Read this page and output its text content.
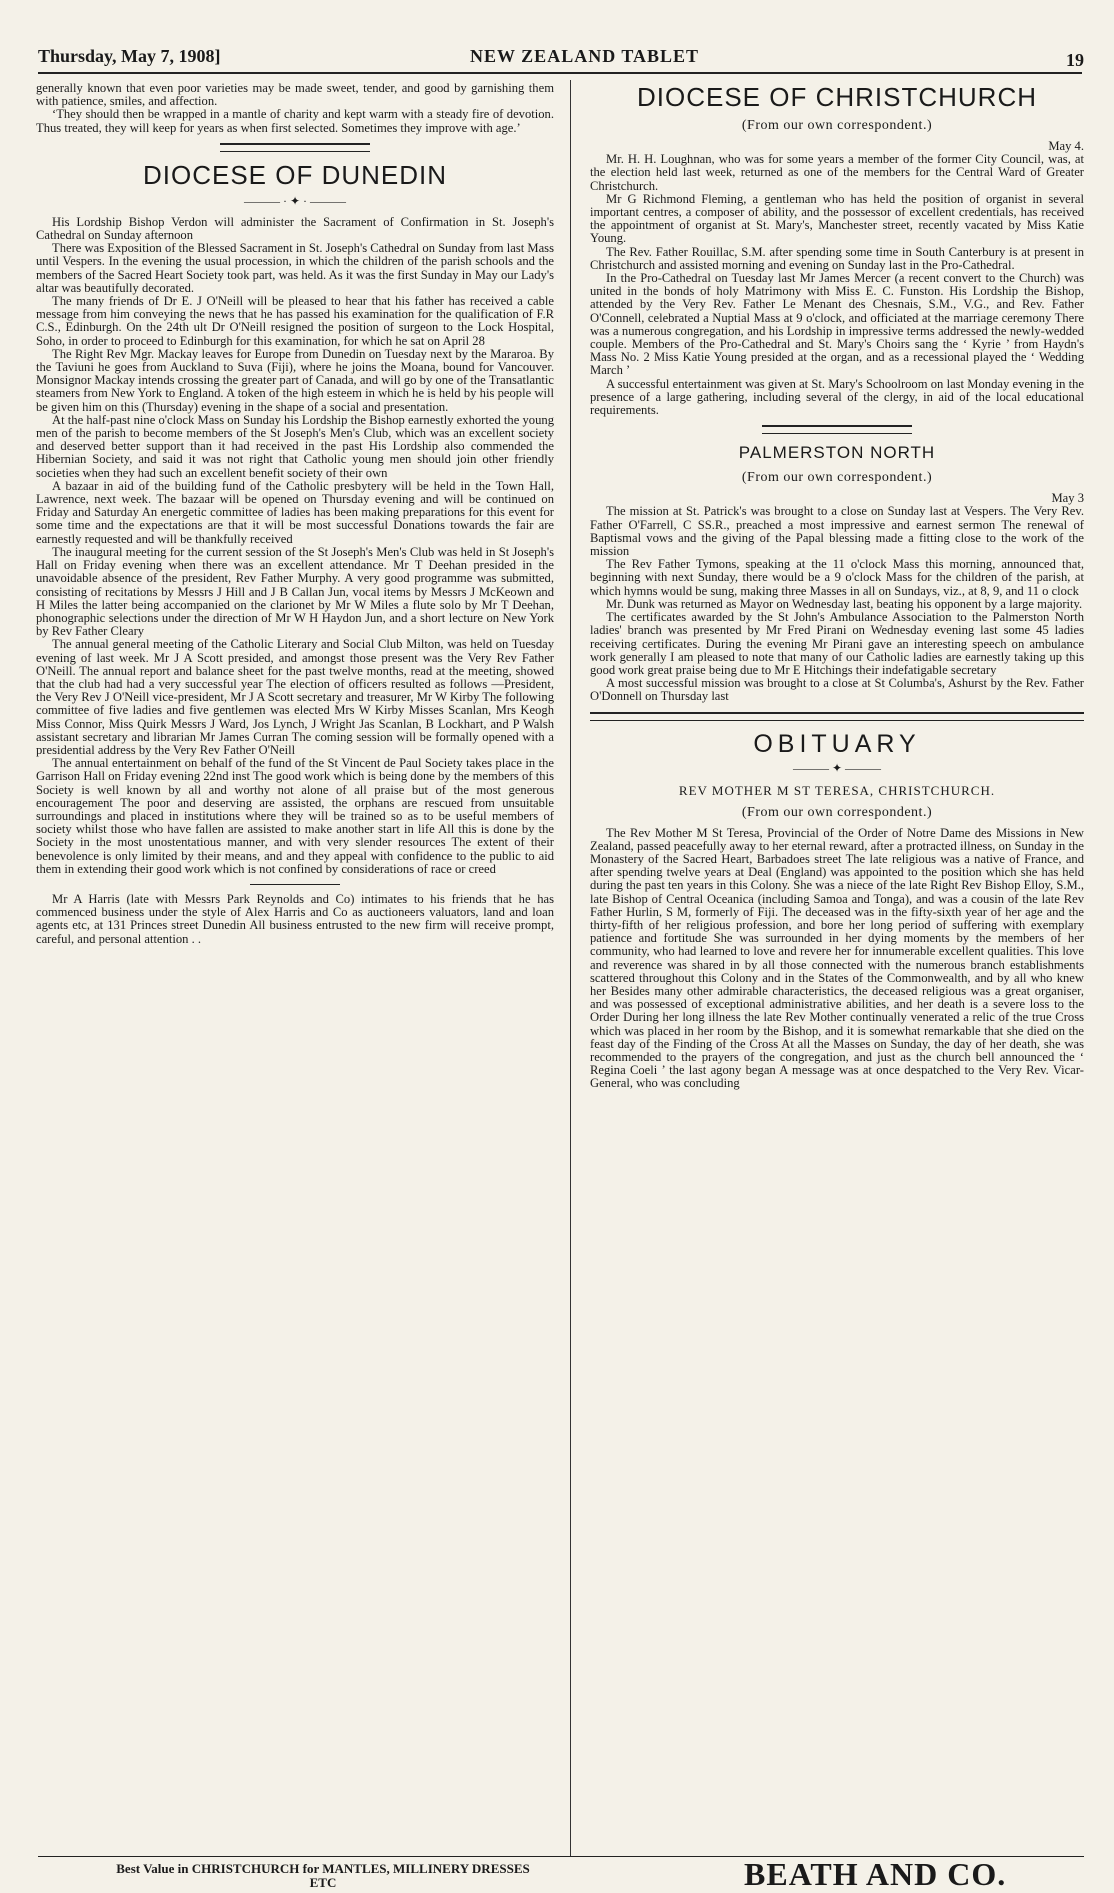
Thursday, May 7, 1908]	NEW ZEALAND TABLET	19

generally known that even poor varieties may be made sweet, tender, and good by garnishing them with patience, smiles, and affection.

‘They should then be wrapped in a mantle of charity and kept warm with a steady fire of devotion. Thus treated, they will keep for years as when first selected. Sometimes they improve with age.’

DIOCESE OF DUNEDIN
——— · ✦ · ———

His Lordship Bishop Verdon will administer the Sacrament of Confirmation in St. Joseph's Cathedral on Sunday afternoon

There was Exposition of the Blessed Sacrament in St. Joseph's Cathedral on Sunday from last Mass until Vespers. In the evening the usual procession, in which the children of the parish schools and the members of the Sacred Heart Society took part, was held. As it was the first Sunday in May our Lady's altar was beautifully decorated.

The many friends of Dr E. J O'Neill will be pleased to hear that his father has received a cable message from him conveying the news that he has passed his examination for the qualification of F.R C.S., Edinburgh. On the 24th ult Dr O'Neill resigned the position of surgeon to the Lock Hospital, Soho, in order to proceed to Edinburgh for this examination, for which he sat on April 28

The Right Rev Mgr. Mackay leaves for Europe from Dunedin on Tuesday next by the Mararoa. By the Taviuni he goes from Auckland to Suva (Fiji), where he joins the Moana, bound for Vancouver. Monsignor Mackay intends crossing the greater part of Canada, and will go by one of the Transatlantic steamers from New York to England. A token of the high esteem in which he is held by his people will be given him on this (Thursday) evening in the shape of a social and presentation.

At the half-past nine o'clock Mass on Sunday his Lordship the Bishop earnestly exhorted the young men of the parish to become members of the St Joseph's Men's Club, which was an excellent society and deserved better support than it had received in the past His Lordship also commended the Hibernian Society, and said it was not right that Catholic young men should join other friendly societies when they had such an excellent benefit society of their own

A bazaar in aid of the building fund of the Catholic presbytery will be held in the Town Hall, Lawrence, next week. The bazaar will be opened on Thursday evening and will be continued on Friday and Saturday An energetic committee of ladies has been making preparations for this event for some time and the expectations are that it will be most successful Donations towards the fair are earnestly requested and will be thankfully received

The inaugural meeting for the current session of the St Joseph's Men's Club was held in St Joseph's Hall on Friday evening when there was an excellent attendance. Mr T Deehan presided in the unavoidable absence of the president, Rev Father Murphy. A very good programme was submitted, consisting of recitations by Messrs J Hill and J B Callan Jun, vocal items by Messrs J McKeown and H Miles the latter being accompanied on the clarionet by Mr W Miles a flute solo by Mr T Deehan, phonographic selections under the direction of Mr W H Haydon Jun, and a short lecture on New York by Rev Father Cleary

The annual general meeting of the Catholic Literary and Social Club Milton, was held on Tuesday evening of last week. Mr J A Scott presided, and amongst those present was the Very Rev Father O'Neill. The annual report and balance sheet for the past twelve months, read at the meeting, showed that the club had had a very successful year The election of officers resulted as follows —President, the Very Rev J O'Neill vice-president, Mr J A Scott secretary and treasurer, Mr W Kirby The following committee of five ladies and five gentlemen was elected Mrs W Kirby Misses Scanlan, Mrs Keogh Miss Connor, Miss Quirk Messrs J Ward, Jos Lynch, J Wright Jas Scanlan, B Lockhart, and P Walsh assistant secretary and librarian Mr James Curran The coming session will be formally opened with a presidential address by the Very Rev Father O'Neill

The annual entertainment on behalf of the fund of the St Vincent de Paul Society takes place in the Garrison Hall on Friday evening 22nd inst The good work which is being done by the members of this Society is well known by all and worthy not alone of all praise but of the most generous encouragement The poor and deserving are assisted, the orphans are rescued from unsuitable surroundings and placed in institutions where they will be trained so as to be useful members of society whilst those who have fallen are assisted to make another start in life All this is done by the Society in the most unostentatious manner, and with very slender resources The extent of their benevolence is only limited by their means, and and they appeal with confidence to the public to aid them in extending their good work which is not confined by considerations of race or creed

Mr A Harris (late with Messrs Park Reynolds and Co) intimates to his friends that he has commenced business under the style of Alex Harris and Co as auctioneers valuators, land and loan agents etc, at 131 Princes street Dunedin All business entrusted to the new firm will receive prompt, careful, and personal attention . .

DIOCESE OF CHRISTCHURCH
(From our own correspondent.)

May 4.

Mr. H. H. Loughnan, who was for some years a member of the former City Council, was, at the election held last week, returned as one of the members for the Central Ward of Greater Christchurch.

Mr G Richmond Fleming, a gentleman who has held the position of organist in several important centres, a composer of ability, and the possessor of excellent credentials, has received the appointment of organist at St. Mary's, Manchester street, recently vacated by Miss Katie Young.

The Rev. Father Rouillac, S.M. after spending some time in South Canterbury is at present in Christchurch and assisted morning and evening on Sunday last in the Pro-Cathedral.

In the Pro-Cathedral on Tuesday last Mr James Mercer (a recent convert to the Church) was united in the bonds of holy Matrimony with Miss E. C. Funston. His Lordship the Bishop, attended by the Very Rev. Father Le Menant des Chesnais, S.M., V.G., and Rev. Father O'Connell, celebrated a Nuptial Mass at 9 o'clock, and officiated at the marriage ceremony There was a numerous congregation, and his Lordship in impressive terms addressed the newly-wedded couple. Members of the Pro-Cathedral and St. Mary's Choirs sang the ‘ Kyrie ’ from Haydn's Mass No. 2 Miss Katie Young presided at the organ, and as a recessional played the ‘ Wedding March ’

A successful entertainment was given at St. Mary's Schoolroom on last Monday evening in the presence of a large gathering, including several of the clergy, in aid of the local educational requirements.

PALMERSTON NORTH
(From our own correspondent.)

May 3

The mission at St. Patrick's was brought to a close on Sunday last at Vespers. The Very Rev. Father O'Farrell, C SS.R., preached a most impressive and earnest sermon The renewal of Baptismal vows and the giving of the Papal blessing made a fitting close to the work of the mission

The Rev Father Tymons, speaking at the 11 o'clock Mass this morning, announced that, beginning with next Sunday, there would be a 9 o'clock Mass for the children of the parish, at which hymns would be sung, making three Masses in all on Sundays, viz., at 8, 9, and 11 o clock

Mr. Dunk was returned as Mayor on Wednesday last, beating his opponent by a large majority.

The certificates awarded by the St John's Ambulance Association to the Palmerston North ladies' branch was presented by Mr Fred Pirani on Wednesday evening last some 45 ladies receiving certificates. During the evening Mr Pirani gave an interesting speech on ambulance work generally I am pleased to note that many of our Catholic ladies are earnestly taking up this good work great praise being due to Mr E Hitchings their indefatigable secretary

A most successful mission was brought to a close at St Columba's, Ashurst by the Rev. Father O'Donnell on Thursday last

OBITUARY
——— ✦ ———
REV MOTHER M ST TERESA, CHRISTCHURCH.
(From our own correspondent.)

The Rev Mother M St Teresa, Provincial of the Order of Notre Dame des Missions in New Zealand, passed peacefully away to her eternal reward, after a protracted illness, on Sunday in the Monastery of the Sacred Heart, Barbadoes street The late religious was a native of France, and after spending twelve years at Deal (England) was appointed to the position which she has held during the past ten years in this Colony. She was a niece of the late Right Rev Bishop Elloy, S.M., late Bishop of Central Oceanica (including Samoa and Tonga), and was a cousin of the late Rev Father Hurlin, S M, formerly of Fiji. The deceased was in the fifty-sixth year of her age and the thirty-fifth of her religious profession, and bore her long period of suffering with exemplary patience and fortitude She was surrounded in her dying moments by the members of her community, who had learned to love and revere her for innumerable excellent qualities. This love and reverence was shared in by all those connected with the numerous branch establishments scattered throughout this Colony and in the States of the Commonwealth, and by all who knew her Besides many other admirable characteristics, the deceased religious was a great organiser, and was possessed of exceptional administrative abilities, and her death is a severe loss to the Order During her long illness the late Rev Mother continually venerated a relic of the true Cross which was placed in her room by the Bishop, and it is somewhat remarkable that she died on the feast day of the Finding of the Cross At all the Masses on Sunday, the day of her death, she was recommended to the prayers of the congregation, and just as the church bell announced the ‘ Regina Coeli ’ the last agony began A message was at once despatched to the Very Rev. Vicar-General, who was concluding

Best Value in CHRISTCHURCH for MANTLES, MILLINERY DRESSES ETC	BEATH AND CO.
